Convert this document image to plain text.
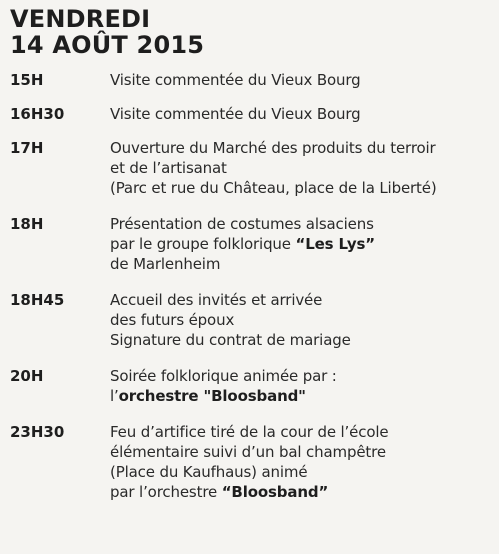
VENDREDI
14 AOÛT 2015
15H	Visite commentée du Vieux Bourg
16H30	Visite commentée du Vieux Bourg
17H	Ouverture du Marché des produits du terroir
et de l’artisanat
(Parc et rue du Château, place de la Liberté)
18H	Présentation de costumes alsaciens
par le groupe folklorique “Les Lys”
de Marlenheim
18H45	Accueil des invités et arrivée
des futurs époux
Signature du contrat de mariage
20H	Soirée folklorique animée par :
l’orchestre "Bloosband"
23H30	Feu d’artifice tiré de la cour de l’école
élémentaire suivi d’un bal champêtre
(Place du Kaufhaus) animé
par l’orchestre “Bloosband”
